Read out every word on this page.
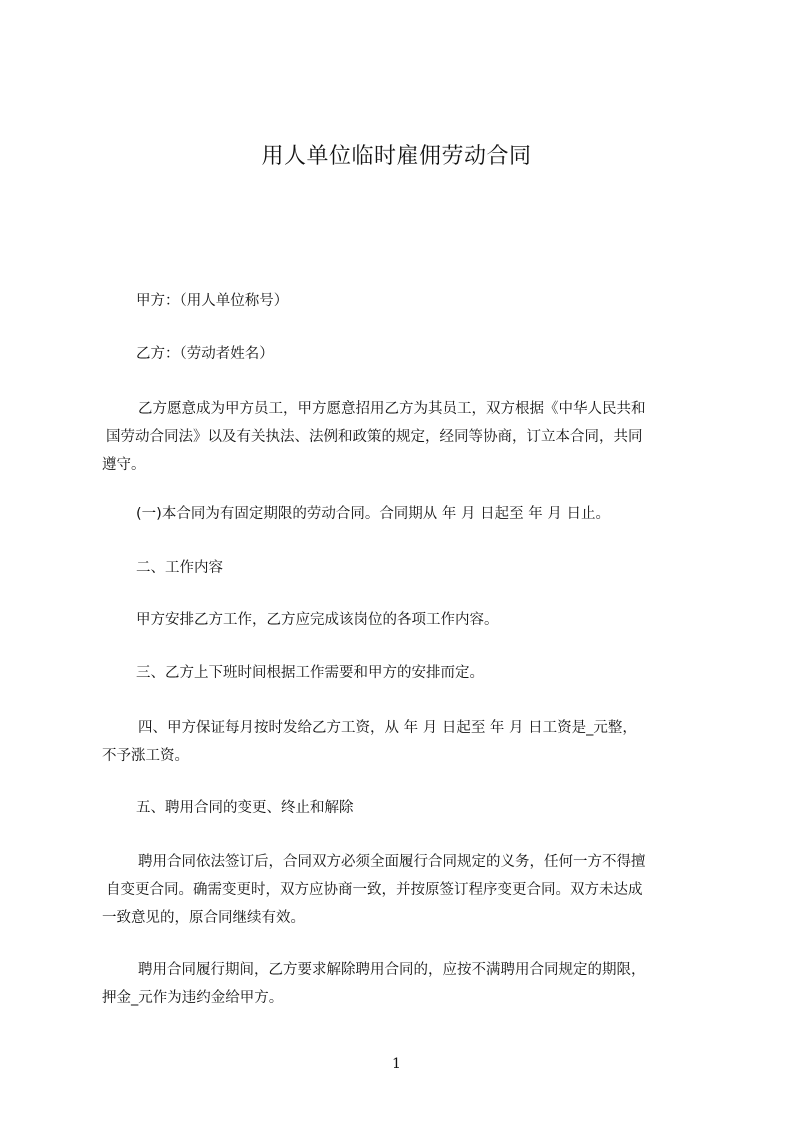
用人单位临时雇佣劳动合同
甲方：（用人单位称号）
乙方：（劳动者姓名）
乙方愿意成为甲方员工，甲方愿意招用乙方为其员工，双方根据《中华人民共和
国劳动合同法》以及有关执法、法例和政策的规定，经同等协商，订立本合同，共同
遵守。
(一)本合同为有固定期限的劳动合同。合同期从 年 月 日起至 年 月 日止。
二、工作内容
甲方安排乙方工作，乙方应完成该岗位的各项工作内容。
三、乙方上下班时间根据工作需要和甲方的安排而定。
四、甲方保证每月按时发给乙方工资，从 年 月 日起至 年 月 日工资是_元整，
不予涨工资。
五、聘用合同的变更、终止和解除
聘用合同依法签订后，合同双方必须全面履行合同规定的义务，任何一方不得擅
自变更合同。确需变更时，双方应协商一致，并按原签订程序变更合同。双方未达成
一致意见的，原合同继续有效。
聘用合同履行期间，乙方要求解除聘用合同的，应按不满聘用合同规定的期限，
押金_元作为违约金给甲方。
1
